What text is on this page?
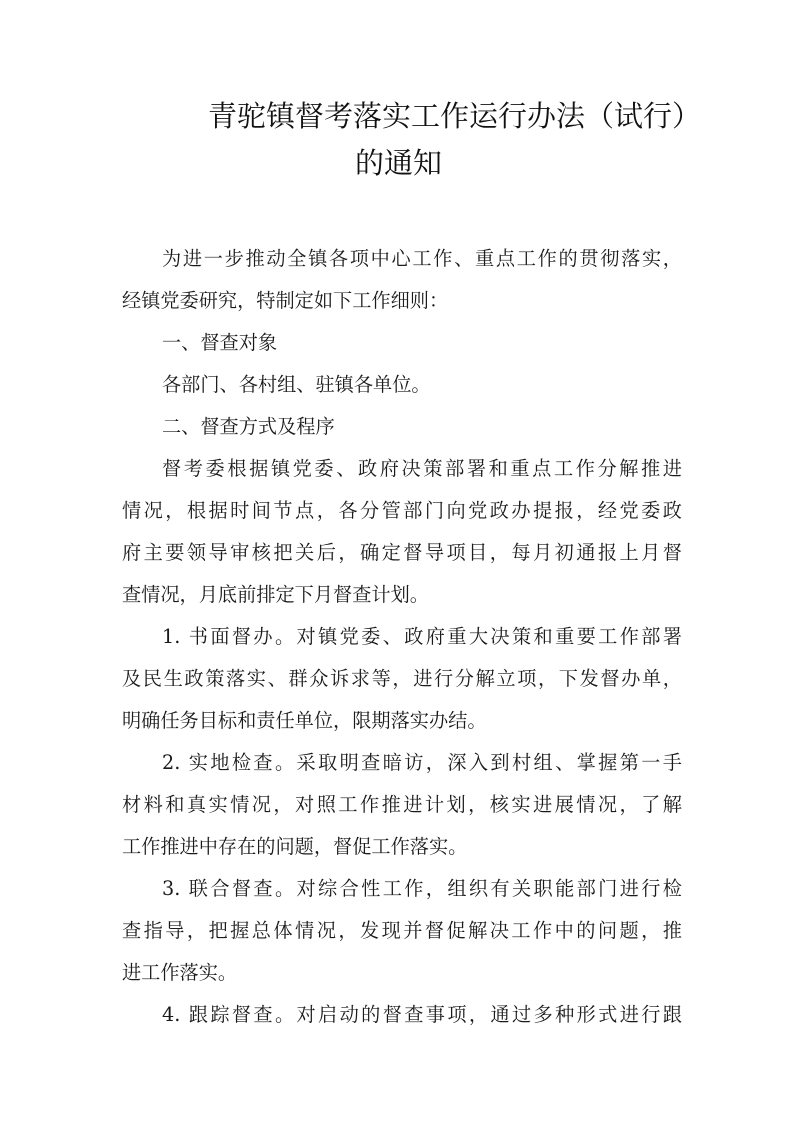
青驼镇督考落实工作运行办法（试行）
的通知
为进一步推动全镇各项中心工作、重点工作的贯彻落实，
经镇党委研究，特制定如下工作细则：
一、督查对象
各部门、各村组、驻镇各单位。
二、督查方式及程序
督考委根据镇党委、政府决策部署和重点工作分解推进
情况，根据时间节点，各分管部门向党政办提报，经党委政
府主要领导审核把关后，确定督导项目，每月初通报上月督
查情况，月底前排定下月督查计划。
1. 书面督办。对镇党委、政府重大决策和重要工作部署
及民生政策落实、群众诉求等，进行分解立项，下发督办单，
明确任务目标和责任单位，限期落实办结。
2. 实地检查。采取明查暗访，深入到村组、掌握第一手
材料和真实情况，对照工作推进计划，核实进展情况，了解
工作推进中存在的问题，督促工作落实。
3. 联合督查。对综合性工作，组织有关职能部门进行检
查指导，把握总体情况，发现并督促解决工作中的问题，推
进工作落实。
4. 跟踪督查。对启动的督查事项，通过多种形式进行跟
